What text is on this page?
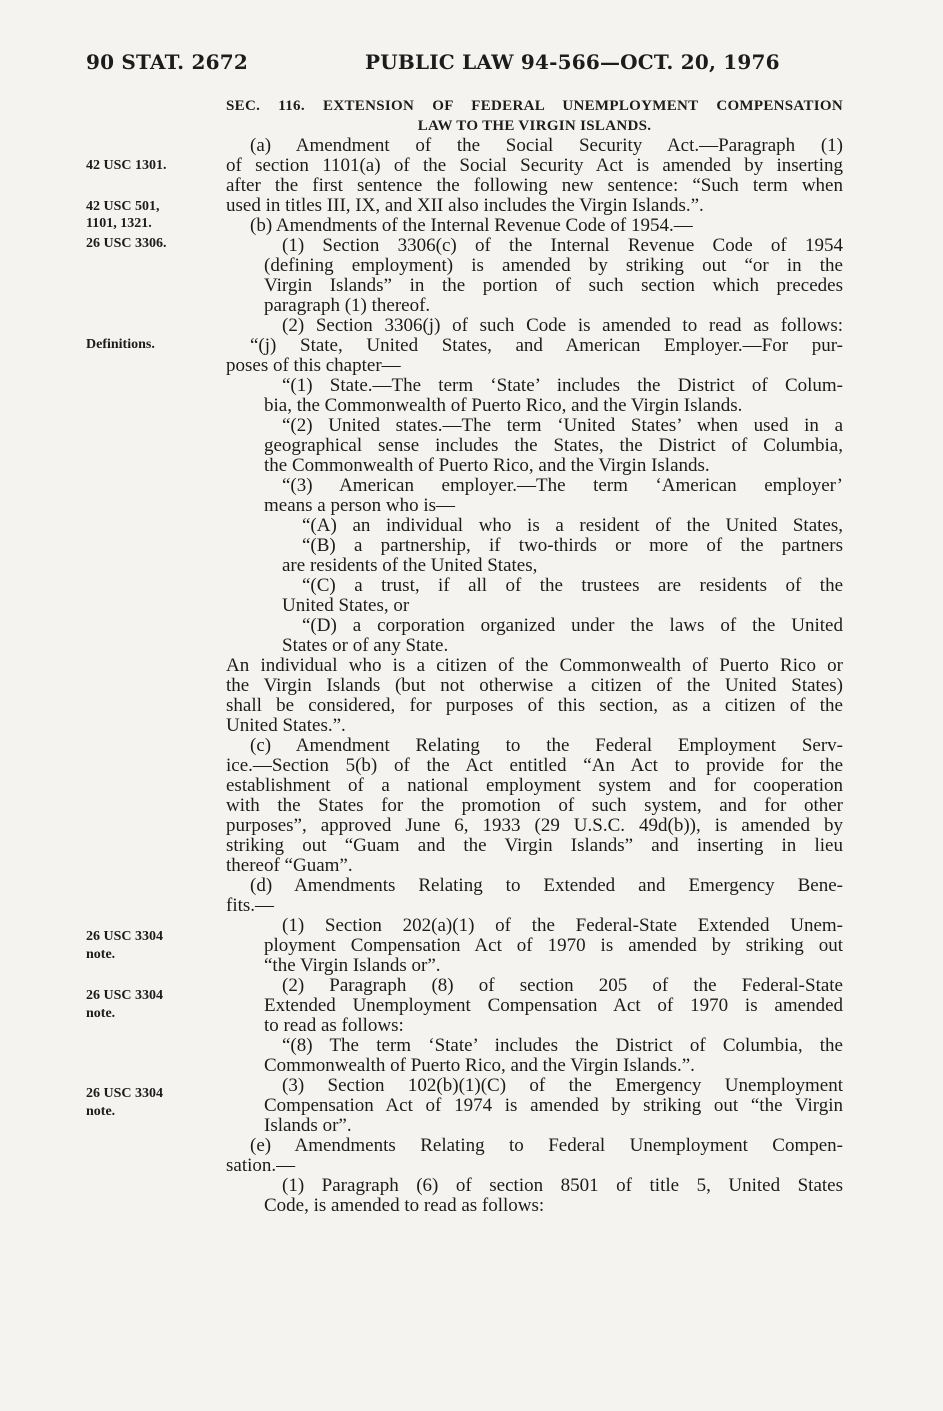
90 STAT. 2672	PUBLIC LAW 94-566—OCT. 20, 1976
42 USC 1301.
42 USC 501,
1101, 1321.
26 USC 3306.
Definitions.
26 USC 3304
note.
26 USC 3304
note.
26 USC 3304
note.
SEC. 116. EXTENSION OF FEDERAL UNEMPLOYMENT COMPENSATION
LAW TO THE VIRGIN ISLANDS.
(a) Amendment of the Social Security Act.—Paragraph (1)
of section 1101(a) of the Social Security Act is amended by inserting
after the first sentence the following new sentence: “Such term when
used in titles III, IX, and XII also includes the Virgin Islands.”.
(b) Amendments of the Internal Revenue Code of 1954.—
(1) Section 3306(c) of the Internal Revenue Code of 1954
(defining employment) is amended by striking out “or in the
Virgin Islands” in the portion of such section which precedes
paragraph (1) thereof.
(2) Section 3306(j) of such Code is amended to read as follows:
“(j) State, United States, and American Employer.—For pur-
poses of this chapter—
“(1) State.—The term ‘State’ includes the District of Colum-
bia, the Commonwealth of Puerto Rico, and the Virgin Islands.
“(2) United states.—The term ‘United States’ when used in a
geographical sense includes the States, the District of Columbia,
the Commonwealth of Puerto Rico, and the Virgin Islands.
“(3) American employer.—The term ‘American employer’
means a person who is—
“(A) an individual who is a resident of the United States,
“(B) a partnership, if two-thirds or more of the partners
are residents of the United States,
“(C) a trust, if all of the trustees are residents of the
United States, or
“(D) a corporation organized under the laws of the United
States or of any State.
An individual who is a citizen of the Commonwealth of Puerto Rico or
the Virgin Islands (but not otherwise a citizen of the United States)
shall be considered, for purposes of this section, as a citizen of the
United States.”.
(c) Amendment Relating to the Federal Employment Serv-
ice.—Section 5(b) of the Act entitled “An Act to provide for the
establishment of a national employment system and for cooperation
with the States for the promotion of such system, and for other
purposes”, approved June 6, 1933 (29 U.S.C. 49d(b)), is amended by
striking out “Guam and the Virgin Islands” and inserting in lieu
thereof “Guam”.
(d) Amendments Relating to Extended and Emergency Bene-
fits.—
(1) Section 202(a)(1) of the Federal-State Extended Unem-
ployment Compensation Act of 1970 is amended by striking out
“the Virgin Islands or”.
(2) Paragraph (8) of section 205 of the Federal-State
Extended Unemployment Compensation Act of 1970 is amended
to read as follows:
“(8) The term ‘State’ includes the District of Columbia, the
Commonwealth of Puerto Rico, and the Virgin Islands.”.
(3) Section 102(b)(1)(C) of the Emergency Unemployment
Compensation Act of 1974 is amended by striking out “the Virgin
Islands or”.
(e) Amendments Relating to Federal Unemployment Compen-
sation.—
(1) Paragraph (6) of section 8501 of title 5, United States
Code, is amended to read as follows:
